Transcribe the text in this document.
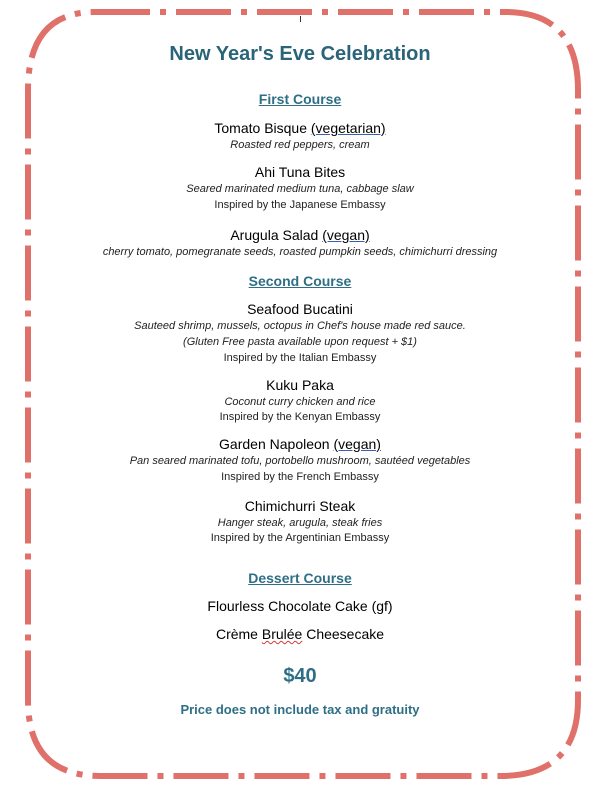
New Year's Eve Celebration
First Course
Tomato Bisque (vegetarian)
Roasted red peppers, cream
Ahi Tuna Bites
Seared marinated medium tuna, cabbage slaw
Inspired by the Japanese Embassy
Arugula Salad (vegan)
cherry tomato, pomegranate seeds, roasted pumpkin seeds, chimichurri dressing
Second Course
Seafood Bucatini
Sauteed shrimp, mussels, octopus in Chef's house made red sauce.
(Gluten Free pasta available upon request + $1)
Inspired by the Italian Embassy
Kuku Paka
Coconut curry chicken and rice
Inspired by the Kenyan Embassy
Garden Napoleon (vegan)
Pan seared marinated tofu, portobello mushroom, sautéed vegetables
Inspired by the French Embassy
Chimichurri Steak
Hanger steak, arugula, steak fries
Inspired by the Argentinian Embassy
Dessert Course
Flourless Chocolate Cake (gf)
Crème Brulée Cheesecake
$40
Price does not include tax and gratuity
